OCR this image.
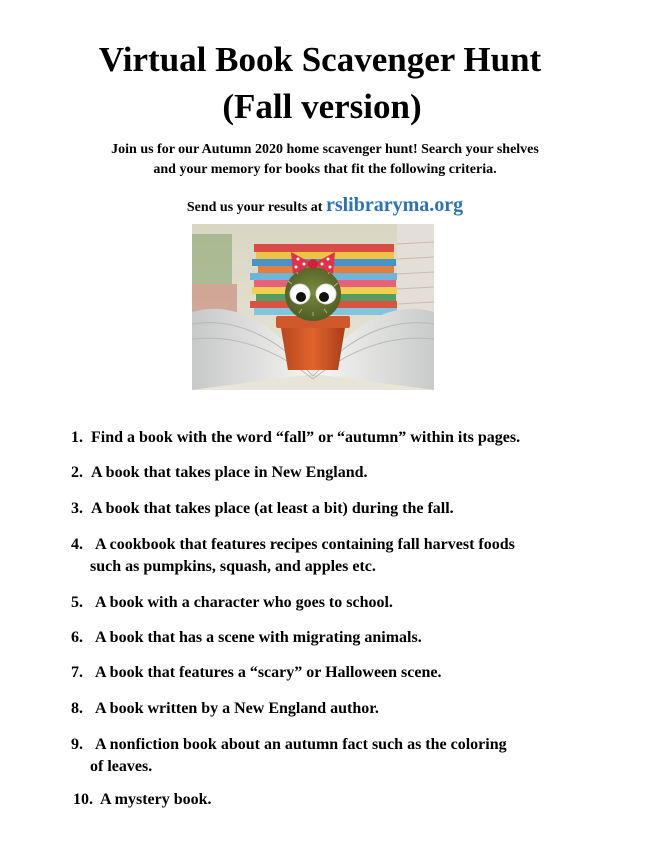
Virtual Book Scavenger Hunt
(Fall version)
Join us for our Autumn 2020 home scavenger hunt! Search your shelves
and your memory for books that fit the following criteria.
Send us your results at rslibraryma.org
1. Find a book with the word “fall” or “autumn” within its pages.
2. A book that takes place in New England.
3. A book that takes place (at least a bit) during the fall.
4. A cookbook that features recipes containing fall harvest foods
such as pumpkins, squash, and apples etc.
5. A book with a character who goes to school.
6. A book that has a scene with migrating animals.
7. A book that features a “scary” or Halloween scene.
8. A book written by a New England author.
9. A nonfiction book about an autumn fact such as the coloring
of leaves.
10. A mystery book.
